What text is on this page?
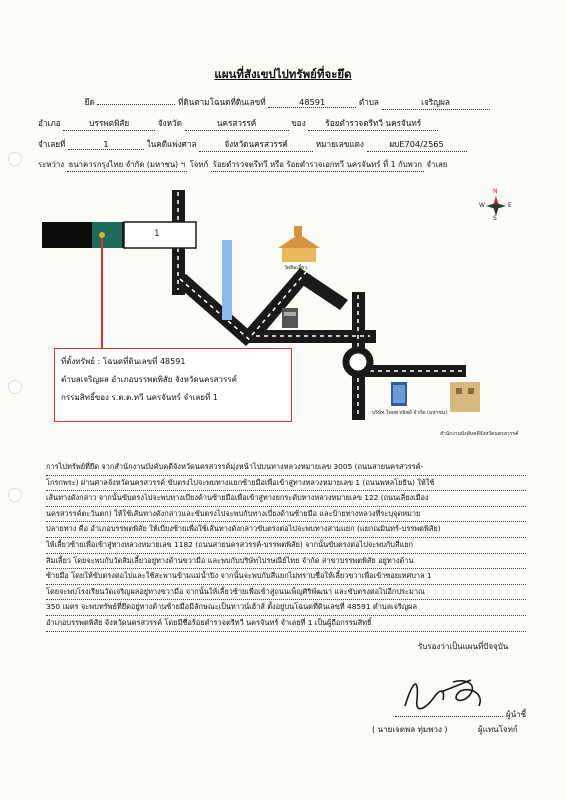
แผนที่สังเขปไปทรัพย์ที่จะยึด
ยึด	ที่ดินตามโฉนดที่ดินเลขที่	48591	ตำบล	เจริญผล
อำเภอ	บรรพตพิสัย	จังหวัด	นครสวรรค์	ของ ร้อยตำรวจตรีทวี นครจันทร์
จำเลยที่	1	ในคดีแพ่งศาล	จังหวัดนครสวรรค์	หมายเลขแดง	ผบE704/2565
ระหว่าง ธนาคารกรุงไทย จำกัด (มหาชน) ฯ โจทก์ ร้อยตำรวจตรีทวี หรือ ร้อยตำรวจเอกทวี นครจันทร์ ที่ 1 กับพวก จำเลย
N
S
E
W
1
วัดสิมเลี้ยว
ธนาคารออมสิน สาขาบรรพตพิสัย
บริษัท ไทยพาณิชย์ จำกัด (มหาชน)
สำนักงานบังคับคดีจังหวัดนครสวรรค์
ที่ตั้งทรัพย์ : โฉนดที่ดินเลขที่ 48591
ตำบลเจริญผล อำเภอบรรพตพิสัย จังหวัดนครสวรรค์
กรรมสิทธิ์ของ ร.ต.ต.ทวี นครจันทร์ จำเลยที่ 1
การไปทรัพย์ที่ยึด จากสำนักงานบังคับคดีจังหวัดนครสวรรค์มุ่งหน้าไปบนทางหลวงหมายเลข 3005 (ถนนสายนครสวรรค์-
โกรกพระ) ผ่านศาลจังหวัดนครสวรรค์ ขับตรงไปจะพบทางแยกซ้ายมือเพื่อเข้าสู่ทางหลวงหมายเลข 1 (ถนนพหลโยธิน) ให้ใช้
เส้นทางดังกล่าว จากนั้นขับตรงไปจะพบทางเบี่ยงด้านซ้ายมือเพื่อเข้าสู่ทางยกระดับทางหลวงหมายเลข 122 (ถนนเลี่ยงเมือง
นครสวรรค์ตะวันตก) ให้ใช้เส้นทางดังกล่าวและขับตรงไปจะพบกับทางเบี่ยงด้านซ้ายมือ และป้ายทางหลวงที่ระบุจุดหมาย
ปลายทาง คือ อำเภอบรรพตพิสัย ให้เบี่ยงซ้ายเพื่อใช้เส้นทางดังกล่าวขับตรงต่อไปจะพบทางสามแยก (แยกณมินทร์-บรรพตพิสัย)
ให้เลี้ยวซ้ายเพื่อเข้าสู่ทางหลวงหมายเลข 1182 (ถนนสายนครสวรรค์-บรรพตพิสัย) จากนั้นขับตรงต่อไปจะพบกับสี่แยก
สิมเลี้ยว โดยจะพบกับวัดสิมเลี้ยวอยู่ทางด้านขวามือ และพบกับบริษัทไปรษณีย์ไทย จำกัด สาขาบรรพตพิสัย อยู่ทางด้าน
ซ้ายมือ โดยให้ขับตรงต่อไปและใช้สะพานข้ามแม่น้ำปิง จากนั้นจะพบกับสี่แยกไม่ทราบชื่อให้เลี้ยวขวาเพื่อเข้าซอยเทศบาล 1
โดยจะพบโรงเรียนวัดเจริญผลอยู่ทางขวามือ จากนั้นให้เลี้ยวซ้ายเพื่อเข้าสู่ถนนเพ็ญศิริพัฒนา และขับตรงต่อไปอีกประมาณ
350 เมตร จะพบทรัพย์ที่ยึดอยู่ทางด้านซ้ายมือมีลักษณะเป็นทาวน์เฮ้าส์ ตั้งอยู่บนโฉนดที่ดินเลขที่ 48591 ตำบลเจริญผล
อำเภอบรรพตพิสัย จังหวัดนครสวรรค์ โดยมีชื่อร้อยตำรวจตรีทวี นครจันทร์ จำเลยที่ 1 เป็นผู้ถือกรรมสิทธิ์
รับรองว่าเป็นแผนที่ปัจจุบัน
ผู้นำชี้
( นายเจตพล ทุ่มพวง )	ผู้แทนโจทก์
